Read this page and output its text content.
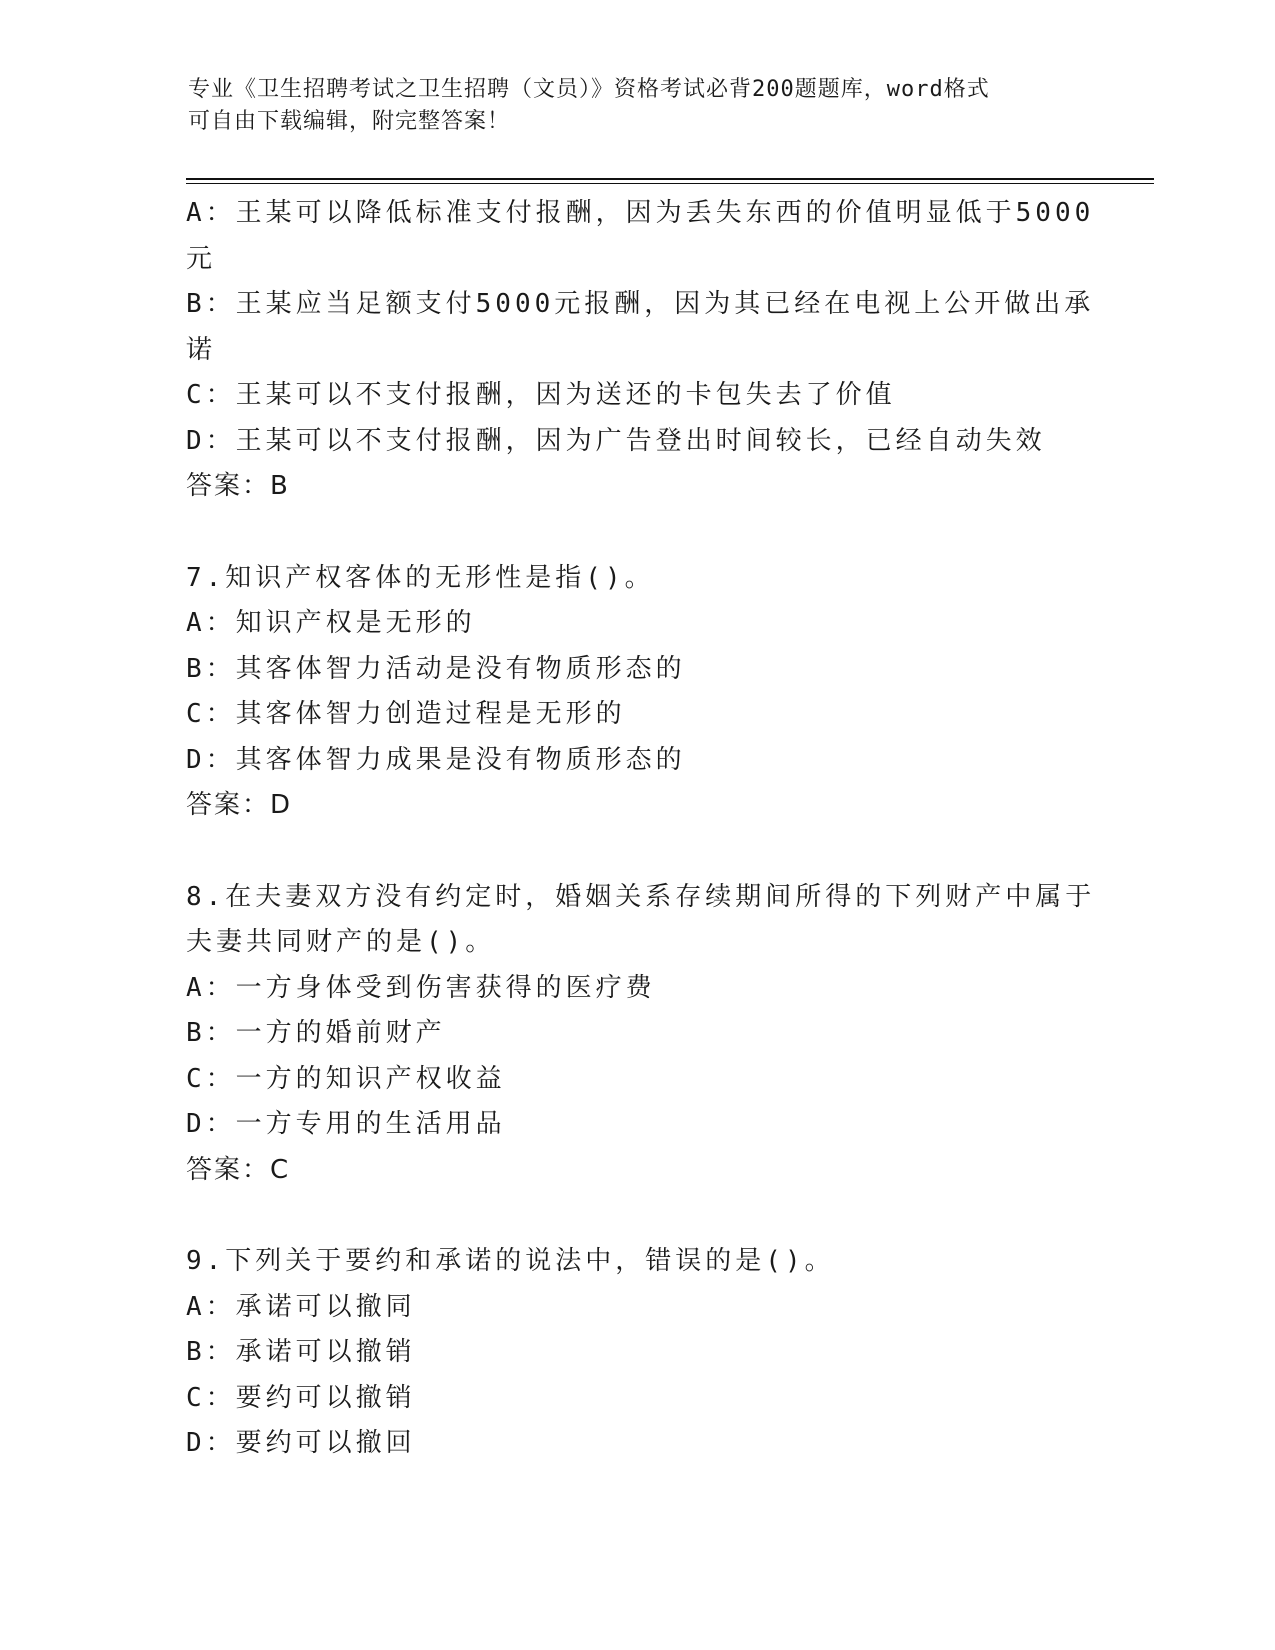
专业《卫生招聘考试之卫生招聘（文员）》资格考试必背200题题库，word格式
可自由下载编辑，附完整答案！
A：王某可以降低标准支付报酬，因为丢失东西的价值明显低于5000
元
B：王某应当足额支付5000元报酬，因为其已经在电视上公开做出承
诺
C：王某可以不支付报酬，因为送还的卡包失去了价值
D：王某可以不支付报酬，因为广告登出时间较长，已经自动失效
答案：B
7.知识产权客体的无形性是指()。
A：知识产权是无形的
B：其客体智力活动是没有物质形态的
C：其客体智力创造过程是无形的
D：其客体智力成果是没有物质形态的
答案：D
8.在夫妻双方没有约定时，婚姻关系存续期间所得的下列财产中属于
夫妻共同财产的是()。
A：一方身体受到伤害获得的医疗费
B：一方的婚前财产
C：一方的知识产权收益
D：一方专用的生活用品
答案：C
9.下列关于要约和承诺的说法中，错误的是()。
A：承诺可以撤同
B：承诺可以撤销
C：要约可以撤销
D：要约可以撤回
